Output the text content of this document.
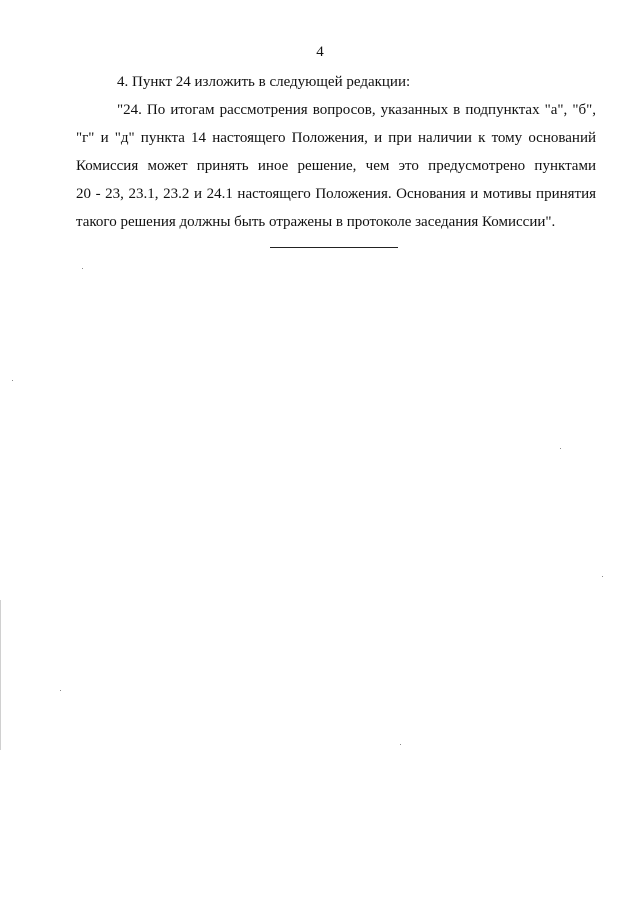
4
4. Пункт 24 изложить в следующей редакции:
"24. По итогам рассмотрения вопросов, указанных в подпунктах "а", "б",
"г" и "д" пункта 14 настоящего Положения, и при наличии к тому оснований
Комиссия может принять иное решение, чем это предусмотрено пунктами
20 - 23, 23.1, 23.2 и 24.1 настоящего Положения. Основания и мотивы принятия
такого решения должны быть отражены в протоколе заседания Комиссии".
